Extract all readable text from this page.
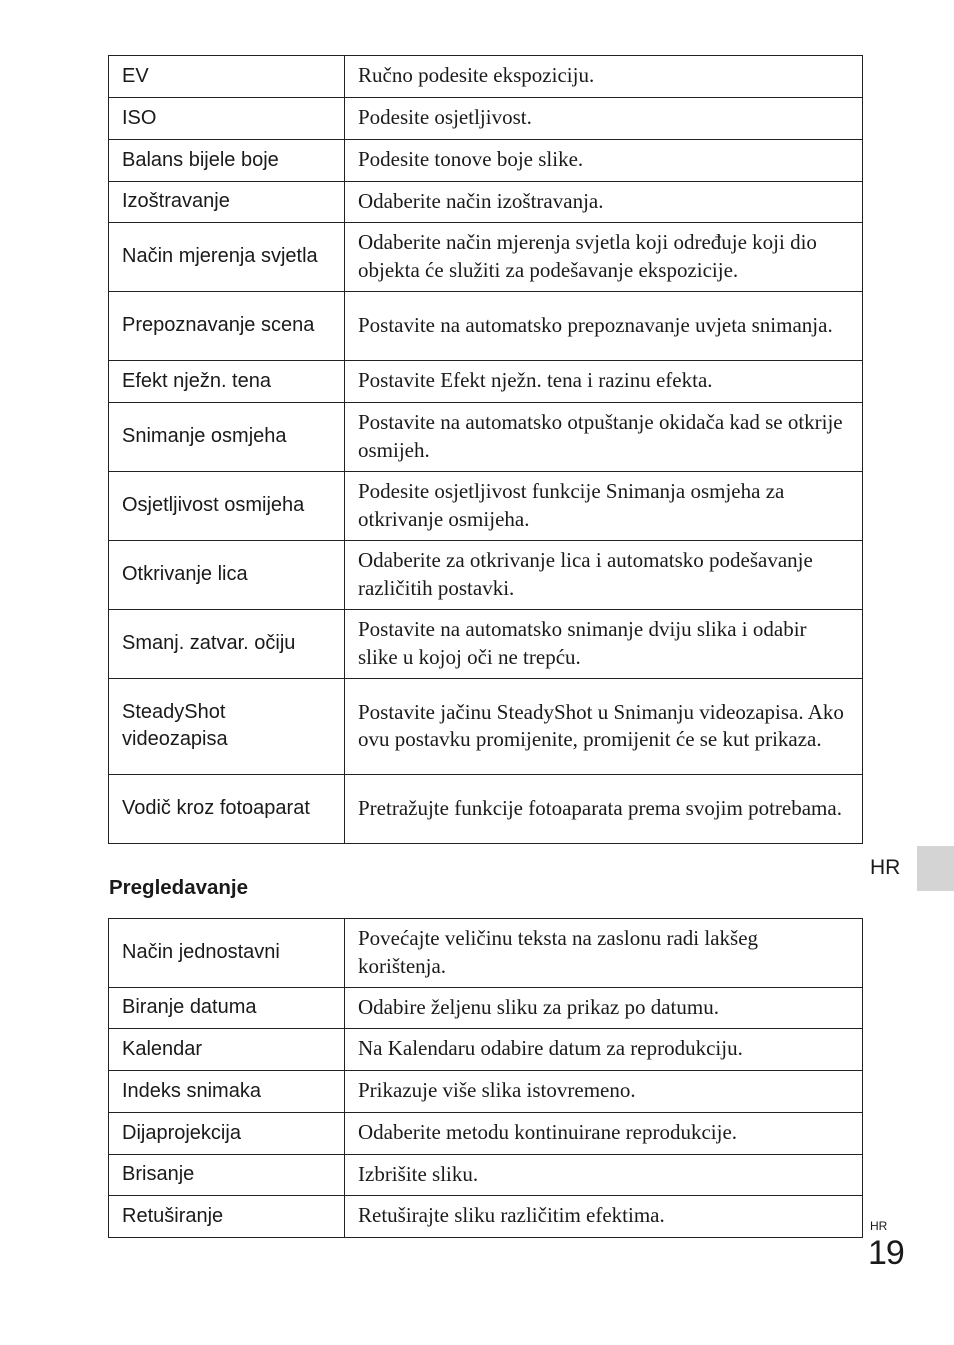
EV	Ručno podesite ekspoziciju.
ISO	Podesite osjetljivost.
Balans bijele boje	Podesite tonove boje slike.
Izoštravanje	Odaberite način izoštravanja.
Način mjerenja svjetla	Odaberite način mjerenja svjetla koji određuje koji dio objekta će služiti za podešavanje ekspozicije.
Prepoznavanje scena	Postavite na automatsko prepoznavanje uvjeta snimanja.
Efekt nježn. tena	Postavite Efekt nježn. tena i razinu efekta.
Snimanje osmjeha	Postavite na automatsko otpuštanje okidača kad se otkrije osmijeh.
Osjetljivost osmijeha	Podesite osjetljivost funkcije Snimanja osmjeha za otkrivanje osmijeha.
Otkrivanje lica	Odaberite za otkrivanje lica i automatsko podešavanje različitih postavki.
Smanj. zatvar. očiju	Postavite na automatsko snimanje dviju slika i odabir slike u kojoj oči ne trepću.
SteadyShot videozapisa	Postavite jačinu SteadyShot u Snimanju videozapisa. Ako ovu postavku promijenite, promijenit će se kut prikaza.
Vodič kroz fotoaparat	Pretražujte funkcije fotoaparata prema svojim potrebama.
Pregledavanje
Način jednostavni	Povećajte veličinu teksta na zaslonu radi lakšeg korištenja.
Biranje datuma	Odabire željenu sliku za prikaz po datumu.
Kalendar	Na Kalendaru odabire datum za reprodukciju.
Indeks snimaka	Prikazuje više slika istovremeno.
Dijaprojekcija	Odaberite metodu kontinuirane reprodukcije.
Brisanje	Izbrišite sliku.
Retuširanje	Retuširajte sliku različitim efektima.
HR
HR
19
